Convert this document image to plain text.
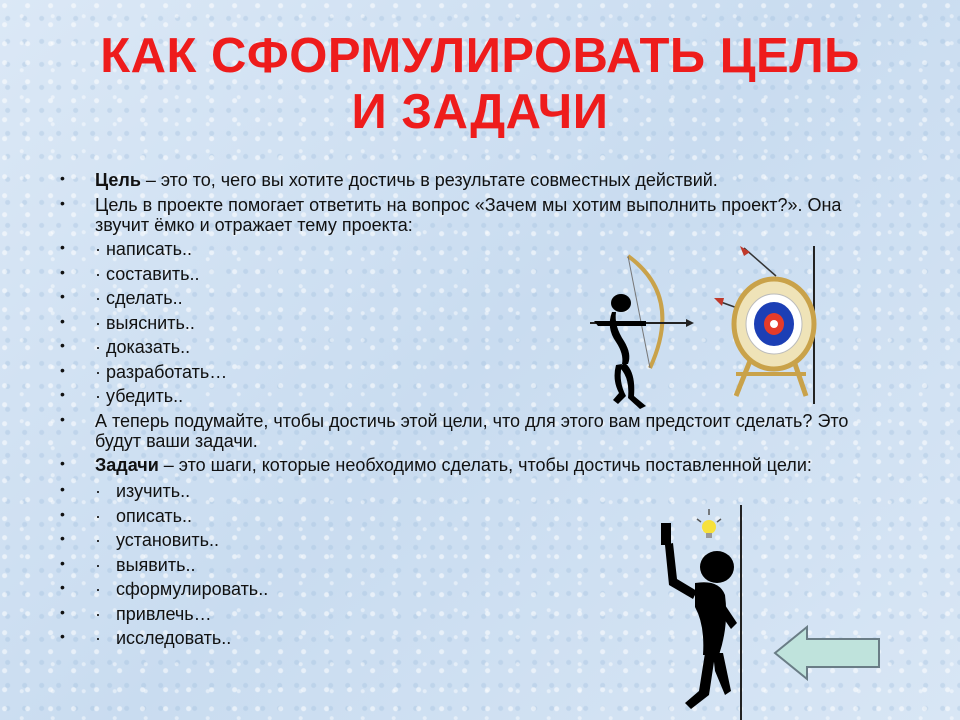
КАК СФОРМУЛИРОВАТЬ ЦЕЛЬ
И ЗАДАЧИ
• Цель – это то, чего вы хотите достичь в результате совместных действий.
• Цель в проекте помогает ответить на вопрос «Зачем мы хотим выполнить проект?». Она звучит ёмко и отражает тему проекта:
• · написать..
• · составить..
• · сделать..
• · выяснить..
• · доказать..
• · разработать…
• · убедить..
• А теперь подумайте, чтобы достичь этой цели, что для этого вам предстоит сделать? Это будут ваши задачи.
• Задачи – это шаги, которые необходимо сделать, чтобы достичь поставленной цели:
• · изучить..
• · описать..
• · установить..
• · выявить..
• · сформулировать..
• · привлечь…
• · исследовать..
